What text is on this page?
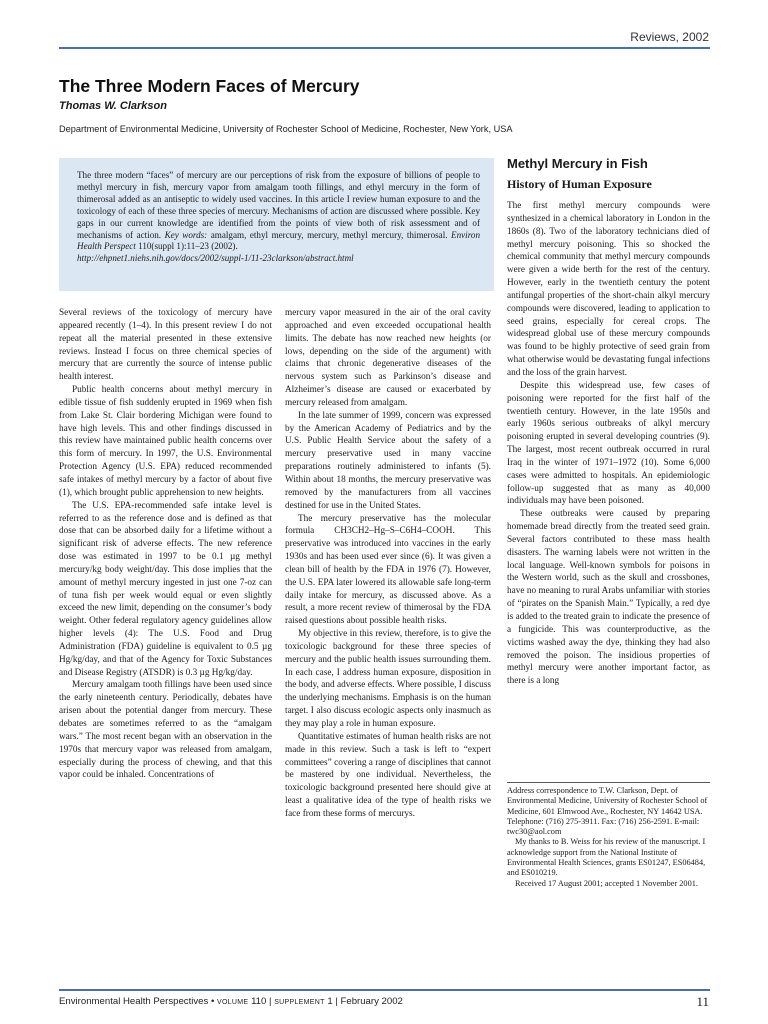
Reviews, 2002
The Three Modern Faces of Mercury
Thomas W. Clarkson
Department of Environmental Medicine, University of Rochester School of Medicine, Rochester, New York, USA

The three modern “faces” of mercury are our perceptions of risk from the exposure of billions of people to methyl mercury in fish, mercury vapor from amalgam tooth fillings, and ethyl mercury in the form of thimerosal added as an antiseptic to widely used vaccines. In this article I review human exposure to and the toxicology of each of these three species of mercury. Mechanisms of action are discussed where possible. Key gaps in our current knowledge are identified from the points of view both of risk assessment and of mechanisms of action. Key words: amalgam, ethyl mercury, mercury, methyl mercury, thimerosal. Environ Health Perspect 110(suppl 1):11–23 (2002).
http://ehpnet1.niehs.nih.gov/docs/2002/suppl-1/11-23clarkson/abstract.html

Several reviews of the toxicology of mercury have appeared recently (1–4). In this present review I do not repeat all the material presented in these extensive reviews. Instead I focus on three chemical species of mercury that are currently the source of intense public health interest.

Public health concerns about methyl mercury in edible tissue of fish suddenly erupted in 1969 when fish from Lake St. Clair bordering Michigan were found to have high levels. This and other findings discussed in this review have maintained public health concerns over this form of mercury. In 1997, the U.S. Environmental Protection Agency (U.S. EPA) reduced recommended safe intakes of methyl mercury by a factor of about five (1), which brought public apprehension to new heights.

The U.S. EPA-recommended safe intake level is referred to as the reference dose and is defined as that dose that can be absorbed daily for a lifetime without a significant risk of adverse effects. The new reference dose was estimated in 1997 to be 0.1 µg methyl mercury/kg body weight/day. This dose implies that the amount of methyl mercury ingested in just one 7-oz can of tuna fish per week would equal or even slightly exceed the new limit, depending on the consumer’s body weight. Other federal regulatory agency guidelines allow higher levels (4): The U.S. Food and Drug Administration (FDA) guideline is equivalent to 0.5 µg Hg/kg/day, and that of the Agency for Toxic Substances and Disease Registry (ATSDR) is 0.3 µg Hg/kg/day.

Mercury amalgam tooth fillings have been used since the early nineteenth century. Periodically, debates have arisen about the potential danger from mercury. These debates are sometimes referred to as the “amalgam wars.” The most recent began with an observation in the 1970s that mercury vapor was released from amalgam, especially during the process of chewing, and that this vapor could be inhaled. Concentrations of

mercury vapor measured in the air of the oral cavity approached and even exceeded occupational health limits. The debate has now reached new heights (or lows, depending on the side of the argument) with claims that chronic degenerative diseases of the nervous system such as Parkinson’s disease and Alzheimer’s disease are caused or exacerbated by mercury released from amalgam.

In the late summer of 1999, concern was expressed by the American Academy of Pediatrics and by the U.S. Public Health Service about the safety of a mercury preservative used in many vaccine preparations routinely administered to infants (5). Within about 18 months, the mercury preservative was removed by the manufacturers from all vaccines destined for use in the United States.

The mercury preservative has the molecular formula CH3CH2–Hg–S–C6H4–COOH. This preservative was introduced into vaccines in the early 1930s and has been used ever since (6). It was given a clean bill of health by the FDA in 1976 (7). However, the U.S. EPA later lowered its allowable safe long-term daily intake for mercury, as discussed above. As a result, a more recent review of thimerosal by the FDA raised questions about possible health risks.

My objective in this review, therefore, is to give the toxicologic background for these three species of mercury and the public health issues surrounding them. In each case, I address human exposure, disposition in the body, and adverse effects. Where possible, I discuss the underlying mechanisms. Emphasis is on the human target. I also discuss ecologic aspects only inasmuch as they may play a role in human exposure.

Quantitative estimates of human health risks are not made in this review. Such a task is left to “expert committees” covering a range of disciplines that cannot be mastered by one individual. Nevertheless, the toxicologic background presented here should give at least a qualitative idea of the type of health risks we face from these forms of mercurys.

Methyl Mercury in Fish
History of Human Exposure

The first methyl mercury compounds were synthesized in a chemical laboratory in London in the 1860s (8). Two of the laboratory technicians died of methyl mercury poisoning. This so shocked the chemical community that methyl mercury compounds were given a wide berth for the rest of the century. However, early in the twentieth century the potent antifungal properties of the short-chain alkyl mercury compounds were discovered, leading to application to seed grains, especially for cereal crops. The widespread global use of these mercury compounds was found to be highly protective of seed grain from what otherwise would be devastating fungal infections and the loss of the grain harvest.

Despite this widespread use, few cases of poisoning were reported for the first half of the twentieth century. However, in the late 1950s and early 1960s serious outbreaks of alkyl mercury poisoning erupted in several developing countries (9). The largest, most recent outbreak occurred in rural Iraq in the winter of 1971–1972 (10). Some 6,000 cases were admitted to hospitals. An epidemiologic follow-up suggested that as many as 40,000 individuals may have been poisoned.

These outbreaks were caused by preparing homemade bread directly from the treated seed grain. Several factors contributed to these mass health disasters. The warning labels were not written in the local language. Well-known symbols for poisons in the Western world, such as the skull and crossbones, have no meaning to rural Arabs unfamiliar with stories of “pirates on the Spanish Main.” Typically, a red dye is added to the treated grain to indicate the presence of a fungicide. This was counterproductive, as the victims washed away the dye, thinking they had also removed the poison. The insidious properties of methyl mercury were another important factor, as there is a long

Address correspondence to T.W. Clarkson, Dept. of Environmental Medicine, University of Rochester School of Medicine, 601 Elmwood Ave., Rochester, NY 14642 USA. Telephone: (716) 275-3911. Fax: (716) 256-2591. E-mail: twc30@aol.com

My thanks to B. Weiss for his review of the manuscript. I acknowledge support from the National Institute of Environmental Health Sciences, grants ES01247, ES06484, and ES010219.

Received 17 August 2001; accepted 1 November 2001.

Environmental Health Perspectives • VOLUME 110 | SUPPLEMENT 1 | February 2002	11
